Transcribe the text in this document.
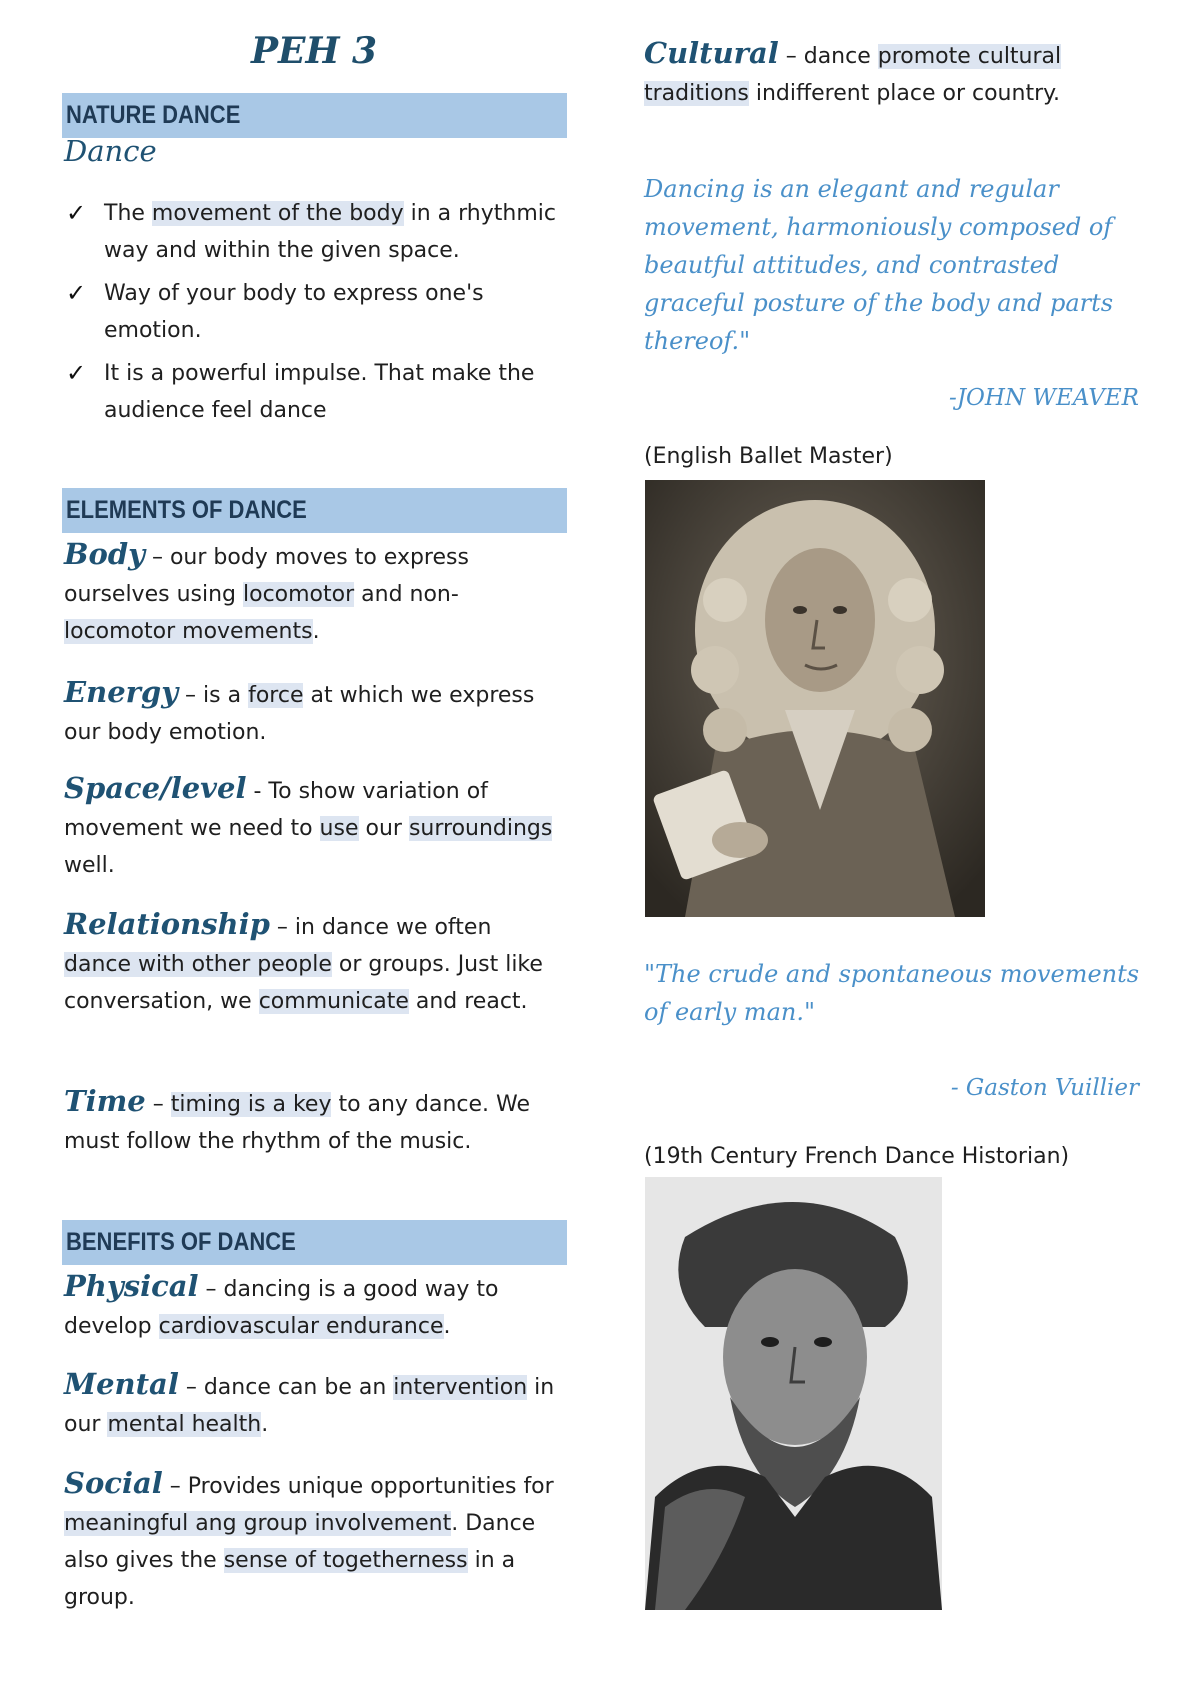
PEH 3
NATURE DANCE
Dance
✓ The movement of the body in a rhythmic way and within the given space.
✓ Way of your body to express one's emotion.
✓ It is a powerful impulse. That make the audience feel dance
ELEMENTS OF DANCE
Body – our body moves to express ourselves using locomotor and non-locomotor movements.
Energy – is a force at which we express our body emotion.
Space/level - To show variation of movement we need to use our surroundings well.
Relationship – in dance we often dance with other people or groups. Just like conversation, we communicate and react.
Time – timing is a key to any dance. We must follow the rhythm of the music.
BENEFITS OF DANCE
Physical – dancing is a good way to develop cardiovascular endurance.
Mental – dance can be an intervention in our mental health.
Social – Provides unique opportunities for meaningful ang group involvement. Dance also gives the sense of togetherness in a group.
Cultural – dance promote cultural traditions indifferent place or country.
Dancing is an elegant and regular movement, harmoniously composed of beautful attitudes, and contrasted graceful posture of the body and parts thereof."
-JOHN WEAVER
(English Ballet Master)
"The crude and spontaneous movements of early man."
- Gaston Vuillier
(19th Century French Dance Historian)
